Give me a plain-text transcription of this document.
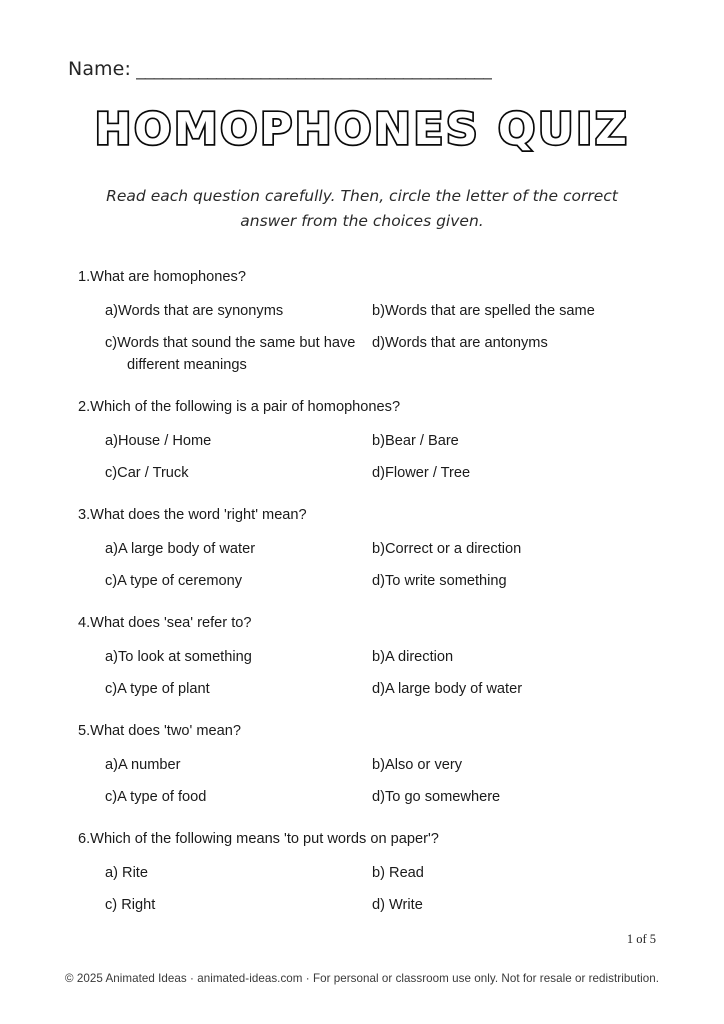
Name: ________________________________________
HOMOPHONES QUIZ
Read each question carefully. Then, circle the letter of the correct answer from the choices given.
1.What are homophones?
a)Words that are synonyms	b)Words that are spelled the same
c)Words that sound the same but have different meanings
d)Words that are antonyms
2.Which of the following is a pair of homophones?
a)House / Home	b)Bear / Bare
c)Car / Truck	d)Flower / Tree
3.What does the word 'right' mean?
a)A large body of water	b)Correct or a direction
c)A type of ceremony	d)To write something
4.What does 'sea' refer to?
a)To look at something	b)A direction
c)A type of plant	d)A large body of water
5.What does 'two' mean?
a)A number	b)Also or very
c)A type of food	d)To go somewhere
6.Which of the following means 'to put words on paper'?
a) Rite	b) Read
c) Right	d) Write
1 of 5
© 2025 Animated Ideas · animated-ideas.com · For personal or classroom use only. Not for resale or redistribution.
